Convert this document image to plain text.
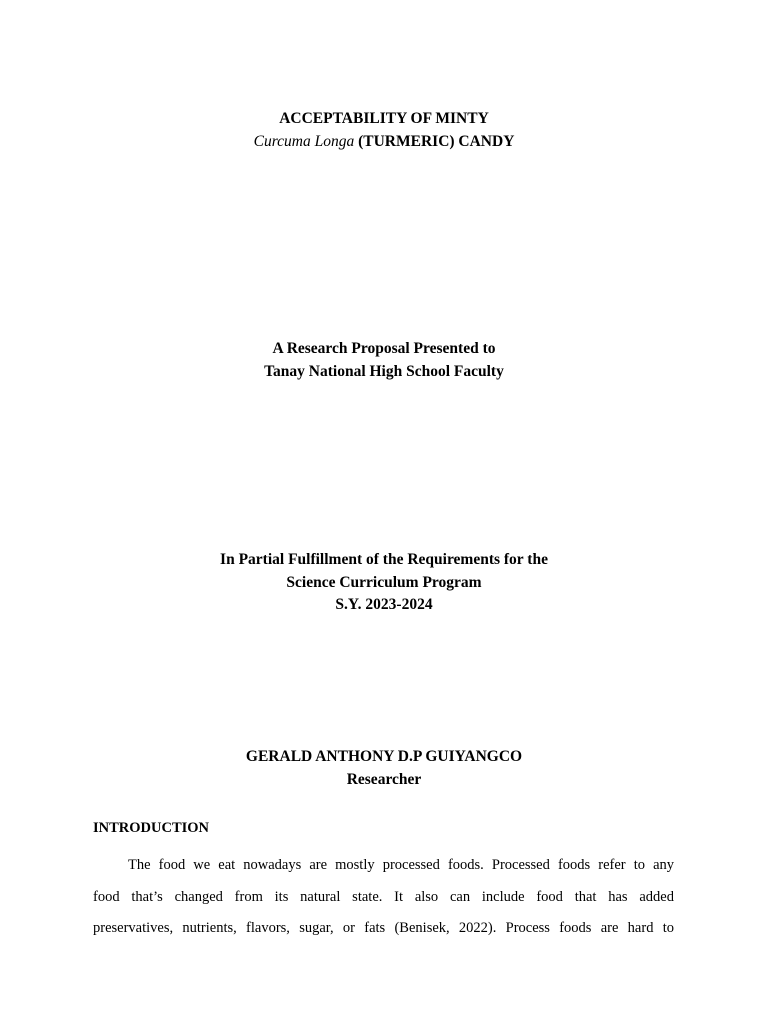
ACCEPTABILITY OF MINTY
Curcuma Longa (TURMERIC) CANDY
A Research Proposal Presented to
Tanay National High School Faculty
In Partial Fulfillment of the Requirements for the
Science Curriculum Program
S.Y. 2023-2024
GERALD ANTHONY D.P GUIYANGCO
Researcher
INTRODUCTION
The food we eat nowadays are mostly processed foods. Processed foods refer to any
food that’s changed from its natural state. It also can include food that has added
preservatives, nutrients, flavors, sugar, or fats (Benisek, 2022). Process foods are hard to
